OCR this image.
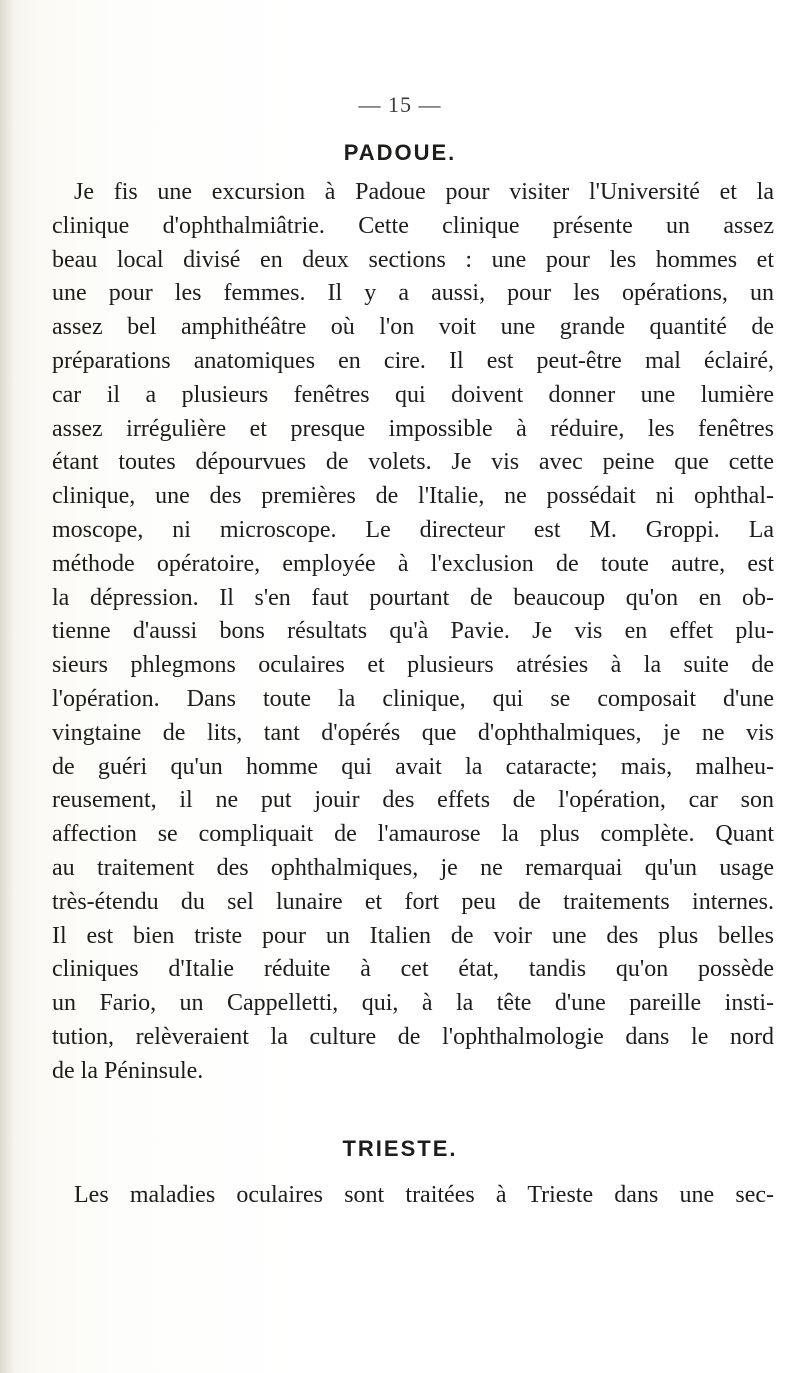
— 15 —

PADOUE.
Je fis une excursion à Padoue pour visiter l'Université et la
clinique d'ophthalmiâtrie. Cette clinique présente un assez
beau local divisé en deux sections : une pour les hommes et
une pour les femmes. Il y a aussi, pour les opérations, un
assez bel amphithéâtre où l'on voit une grande quantité de
préparations anatomiques en cire. Il est peut-être mal éclairé,
car il a plusieurs fenêtres qui doivent donner une lumière
assez irrégulière et presque impossible à réduire, les fenêtres
étant toutes dépourvues de volets. Je vis avec peine que cette
clinique, une des premières de l'Italie, ne possédait ni ophthal-
moscope, ni microscope. Le directeur est M. Groppi. La
méthode opératoire, employée à l'exclusion de toute autre, est
la dépression. Il s'en faut pourtant de beaucoup qu'on en ob-
tienne d'aussi bons résultats qu'à Pavie. Je vis en effet plu-
sieurs phlegmons oculaires et plusieurs atrésies à la suite de
l'opération. Dans toute la clinique, qui se composait d'une
vingtaine de lits, tant d'opérés que d'ophthalmiques, je ne vis
de guéri qu'un homme qui avait la cataracte; mais, malheu-
reusement, il ne put jouir des effets de l'opération, car son
affection se compliquait de l'amaurose la plus complète. Quant
au traitement des ophthalmiques, je ne remarquai qu'un usage
très-étendu du sel lunaire et fort peu de traitements internes.
Il est bien triste pour un Italien de voir une des plus belles
cliniques d'Italie réduite à cet état, tandis qu'on possède
un Fario, un Cappelletti, qui, à la tête d'une pareille insti-
tution, relèveraient la culture de l'ophthalmologie dans le nord
de la Péninsule.
TRIESTE.
Les maladies oculaires sont traitées à Trieste dans une sec-
